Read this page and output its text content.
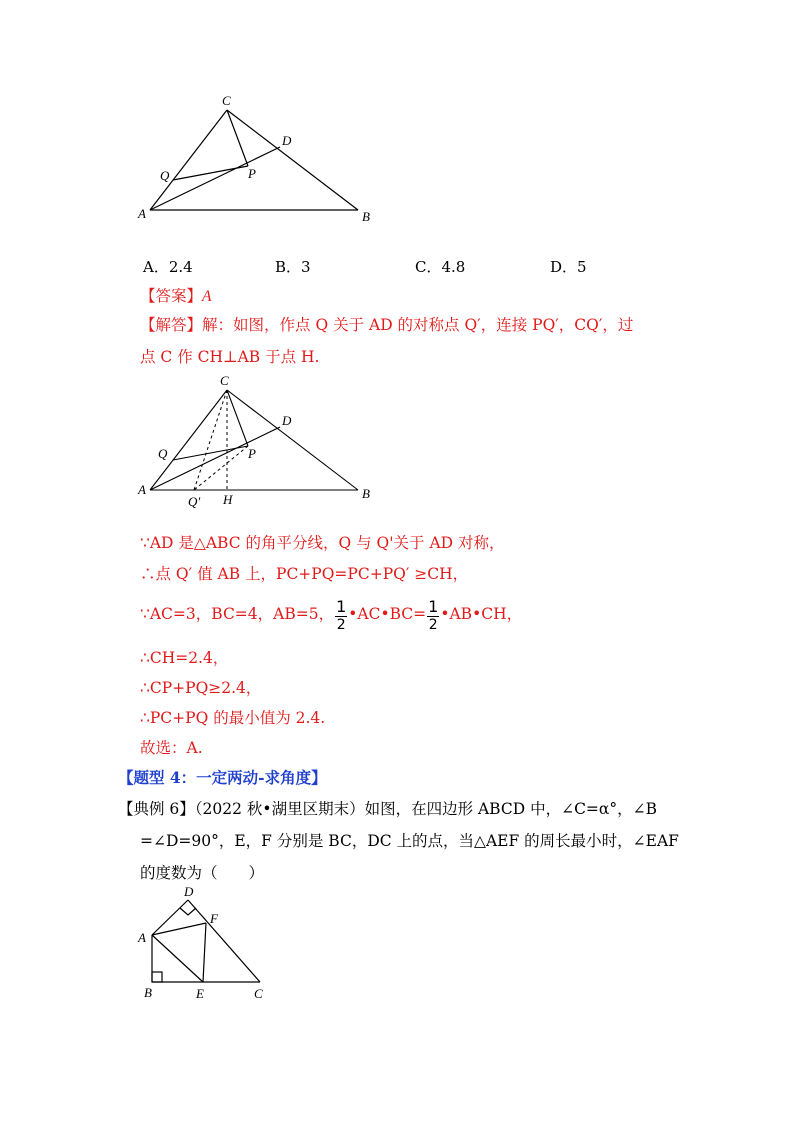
C
D
Q	P
A	B
A．2.4	B．3	C．4.8	D．5
【答案】A
【解答】解：如图，作点 Q 关于 AD 的对称点 Q′，连接 PQ′，CQ′，过
点 C 作 CH⊥AB 于点 H.
C
D
Q	P
A
Q′ H	B
∵AD 是△ABC 的角平分线，Q 与 Q'关于 AD 对称，
∴点 Q′ 值 AB 上，PC+PQ=PC+PQ′ ≥CH，
∵AC=3，BC=4，AB=5， $\frac{1}{2}$ •AC•BC= $\frac{1}{2}$ •AB•CH，
∴CH=2.4，
∴CP+PQ≥2.4，
∴PC+PQ 的最小值为 2.4.
故选：A.
【题型 4：一定两动-求角度】
【典例 6】（2022 秋•湖里区期末）如图，在四边形 ABCD 中，∠C=α°，∠B
=∠D=90°，E，F 分别是 BC，DC 上的点，当△AEF 的周长最小时，∠EAF
的度数为（　　）
D
F
A
B	E	C
